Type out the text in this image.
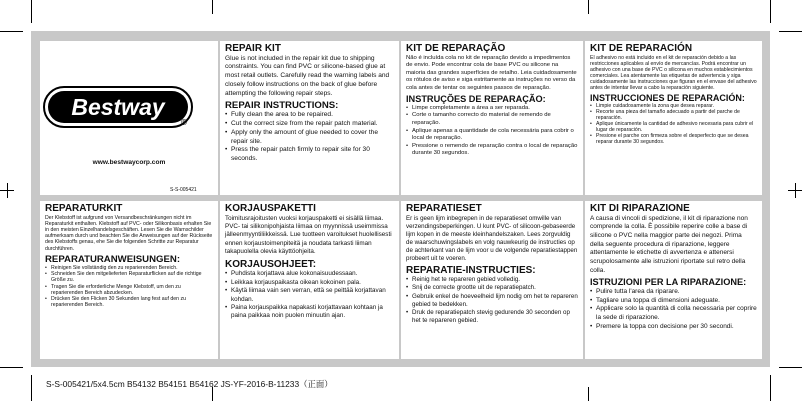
Bestway
®
www.bestwaycorp.com
S-S-005421
REPAIR KIT

Glue is not included in the repair kit due to shipping constraints. You can find PVC or silicone-based glue at most retail outlets. Carefully read the warning labels and closely follow instructions on the back of glue before attempting the following repair steps.

REPAIR INSTRUCTIONS:
• Fully clean the area to be repaired.
• Cut the correct size from the repair patch material.
• Apply only the amount of glue needed to cover the repair site.
• Press the repair patch firmly to repair site for 30 seconds.
KIT DE REPARAÇÃO

Não é incluída cola no kit de reparação devido a impedimentos de envio. Pode encontrar cola de base PVC ou silicone na maioria das grandes superfícies de retalho. Leia cuidadosamente os rótulos de aviso e siga estritamente as instruções no verso da cola antes de tentar os seguintes passos de reparação.

INSTRUÇÕES DE REPARAÇÃO:
• Limpe completamente a área a ser reparada.
• Corte o tamanho correcto do material de remendo de reparação.
• Aplique apenas a quantidade de cola necessária para cobrir o local de reparação.
• Pressione o remendo de reparação contra o local de reparação durante 30 segundos.
KIT DE REPARACIÓN

El adhesivo no está incluido en el kit de reparación debido a las restricciones aplicables al envío de mercancías. Podrá encontrar un adhesivo con una base de PVC o silicona en muchos establecimientos comerciales. Lea atentamente las etiquetas de advertencia y siga cuidadosamente las instrucciones que figuran en el envase del adhesivo antes de intentar llevar a cabo la reparación siguiente.

INSTRUCCIONES DE REPARACIÓN:
• Limpie cuidadosamente la zona que desea reparar.
• Recorte una pieza del tamaño adecuado a partir del parche de reparación.
• Aplique únicamente la cantidad de adhesivo necesaria para cubrir el lugar de reparación.
• Presione el parche con firmeza sobre el desperfecto que se desea reparar durante 30 segundos.
REPARATURKIT

Der Klebstoff ist aufgrund von Versandbeschränkungen nicht im Reparaturkit enthalten. Klebstoff auf PVC- oder Silikonbasis erhalten Sie in den meisten Einzelhandelsgeschäften. Lesen Sie die Warnschilder aufmerksam durch und beachten Sie die Anweisungen auf der Rückseite des Klebstoffs genau, ehe Sie die folgenden Schritte zur Reparatur durchführen.

REPARATURANWEISUNGEN:
• Reinigen Sie vollständig den zu reparierenden Bereich.
• Schneiden Sie den mitgelieferten Reparaturflicken auf die richtige Größe zu.
• Tragen Sie die erforderliche Menge Klebstoff, um den zu reparierenden Bereich abzudecken.
• Drücken Sie den Flicken 30 Sekunden lang fest auf den zu reparierenden Bereich.
KORJAUSPAKETTI

Toimitusrajoitusten vuoksi korjauspaketti ei sisällä liimaa. PVC- tai silikonipohjaista liimaa on myynnissä useimmissa jälleenmyyntiliikkeissä. Lue tuotteen varoitukset huolellisesti ennen korjaustoimenpiteitä ja noudata tarkasti liiman takapuolella olevia käyttöohjeita.

KORJAUSOHJEET:
• Puhdista korjattava alue kokonaisuudessaan.
• Leikkaa korjauspaikasta oikean kokoinen pala.
• Käytä liimaa vain sen verran, että se peittää korjattavan kohdan.
• Paina korjauspaikka napakasti korjattavaan kohtaan ja paina paikkaa noin puolen minuutin ajan.
REPARATIESET

Er is geen lijm inbegrepen in de reparatieset omwille van verzendingsbeperkingen. U kunt PVC- of silicoon-gebaseerde lijm kopen in de meeste kleinhandelszaken. Lees zorgvuldig de waarschuwingslabels en volg nauwkeurig de instructies op de achterkant van de lijm voor u de volgende reparatiestappen probeert uit te voeren.

REPARATIE-INSTRUCTIES:
• Reinig het te repareren gebied volledig.
• Snij de correcte grootte uit de reparatiepatch.
• Gebruik enkel de hoeveelheid lijm nodig om het te repareren gebied te bedekken.
• Druk de reparatiepatch stevig gedurende 30 seconden op het te repareren gebied.
KIT DI RIPARAZIONE

A causa di vincoli di spedizione, il kit di riparazione non comprende la colla. È possibile reperire colle a base di silicone o PVC nella maggior parte dei negozi. Prima della seguente procedura di riparazione, leggere attentamente le etichette di avvertenza e attenersi scrupolosamente alle istruzioni riportate sul retro della colla.

ISTRUZIONI PER LA RIPARAZIONE:
• Pulire tutta l'area da riparare.
• Tagliare una toppa di dimensioni adeguate.
• Applicare solo la quantità di colla necessaria per coprire la sede di riparazione.
• Premere la toppa con decisione per 30 secondi.
S-S-005421/5x4.5cm B54132 B54151 B54162 JS-YF-2016-B-11233（正面）
